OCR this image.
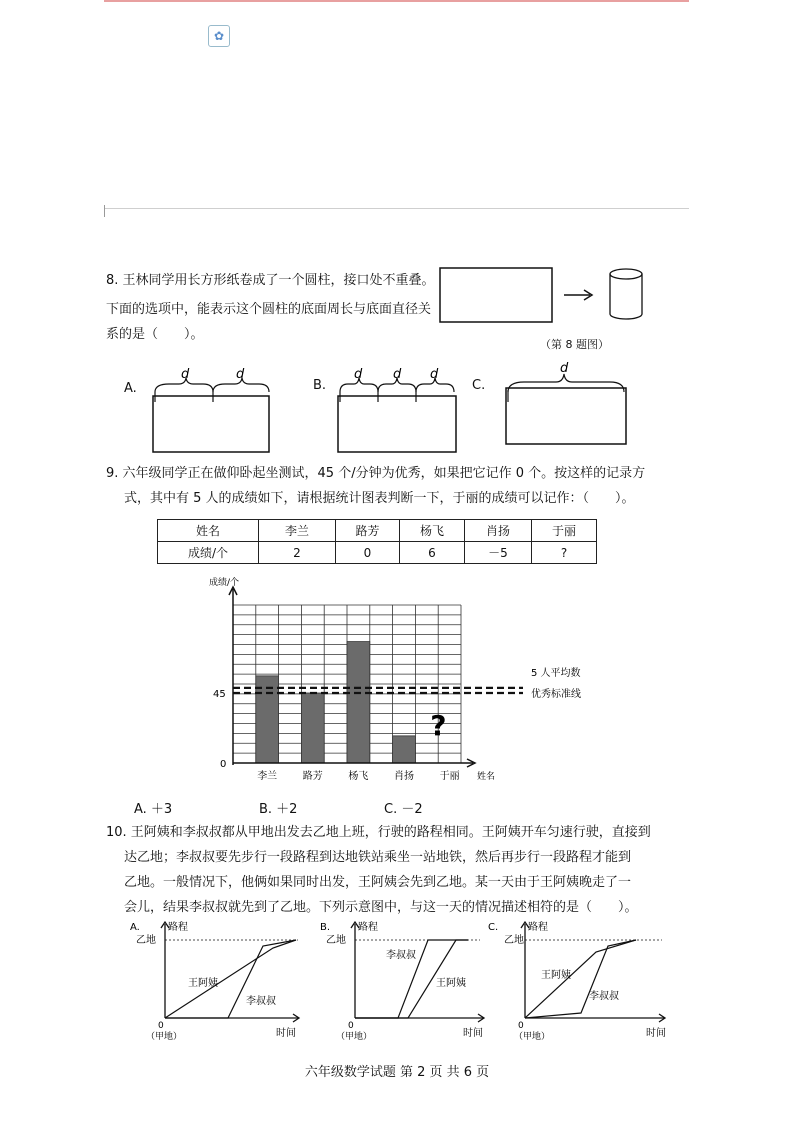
✿
8. 王林同学用长方形纸卷成了一个圆柱，接口处不重叠。
下面的选项中，能表示这个圆柱的底面周长与底面直径关
系的是（　　）。
（第 8 题图）
A.
d	d
B.
d d d
C.
d
9. 六年级同学正在做仰卧起坐测试，45 个/分钟为优秀，如果把它记作 0 个。按这样的记录方
式，其中有 5 人的成绩如下，请根据统计图表判断一下，于丽的成绩可以记作：（　　）。
姓名	李兰	路芳	杨飞	肖扬	于丽
成绩/个	2	0	6	－5	?
李兰	路芳	杨飞	肖扬	于丽
?
成绩/个
姓名
0
45
5 人平均数
优秀标准线
A. ＋3	B. ＋2	C. －2
10. 王阿姨和李叔叔都从甲地出发去乙地上班，行驶的路程相同。王阿姨开车匀速行驶，直接到
达乙地；李叔叔要先步行一段路程到达地铁站乘坐一站地铁，然后再步行一段路程才能到
乙地。一般情况下，他俩如果同时出发，王阿姨会先到乙地。某一天由于王阿姨晚走了一
会儿，结果李叔叔就先到了乙地。下列示意图中，与这一天的情况描述相符的是（　　）。
A.	路程
乙地
0
（甲地）	时间
王阿姨
李叔叔
B.	路程
乙地
0
（甲地）	时间
李叔叔
王阿姨
C.	路程
乙地
0
（甲地）	时间
王阿姨
李叔叔
六年级数学试题 第 2 页 共 6 页
